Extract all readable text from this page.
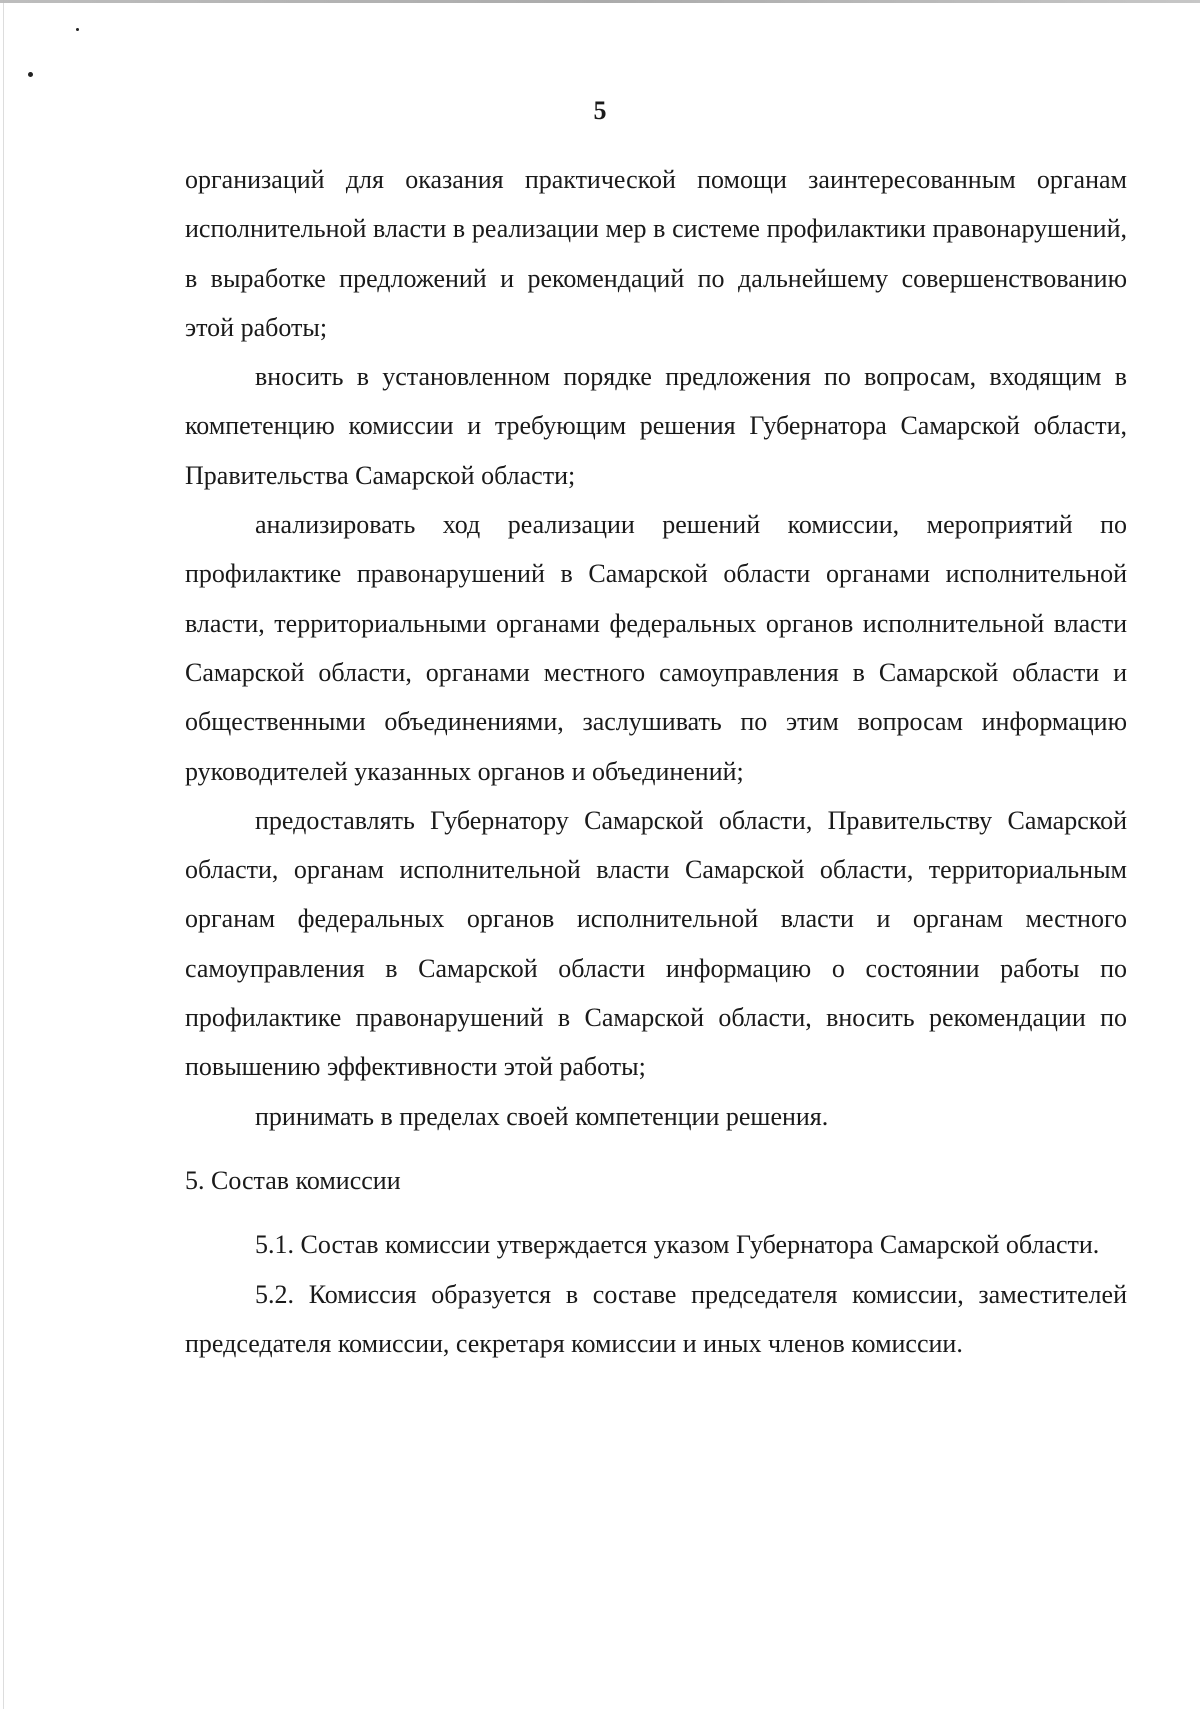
5

организаций для оказания практической помощи заинтересованным органам исполнительной власти в реализации мер в системе профилактики правонарушений, в выработке предложений и рекомендаций по дальнейшему совершенствованию этой работы;

вносить в установленном порядке предложения по вопросам, входящим в компетенцию комиссии и требующим решения Губернатора Самарской области, Правительства Самарской области;

анализировать ход реализации решений комиссии, мероприятий по профилактике правонарушений в Самарской области органами исполнительной власти, территориальными органами федеральных органов исполнительной власти Самарской области, органами местного самоуправления в Самарской области и общественными объединениями, заслушивать по этим вопросам информацию руководителей указанных органов и объединений;

предоставлять Губернатору Самарской области, Правительству Самарской области, органам исполнительной власти Самарской области, территориальным органам федеральных органов исполнительной власти и органам местного самоуправления в Самарской области информацию о состоянии работы по профилактике правонарушений в Самарской области, вносить рекомендации по повышению эффективности этой работы;

принимать в пределах своей компетенции решения.

5. Состав комиссии

5.1. Состав комиссии утверждается указом Губернатора Самарской области.

5.2. Комиссия образуется в составе председателя комиссии, заместителей председателя комиссии, секретаря комиссии и иных членов комиссии.
